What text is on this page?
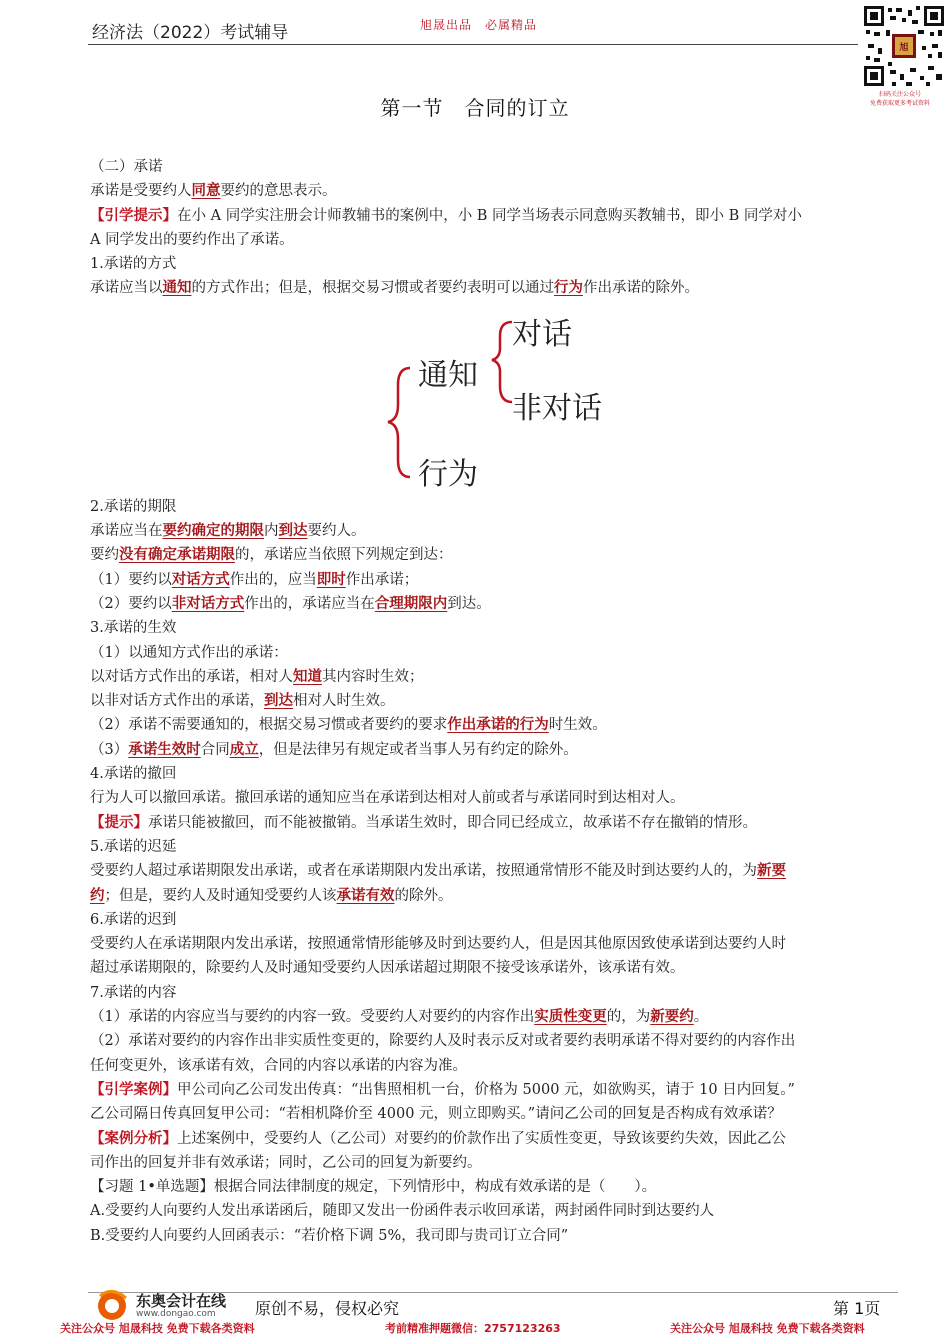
经济法（2022）考试辅导	旭晟出品　必属精品
旭
扫码关注公众号
免费获取更多考试资料
第一节　合同的订立

（二）承诺

承诺是受要约人同意要约的意思表示。

【引学提示】在小 A 同学实注册会计师教辅书的案例中，小 B 同学当场表示同意购买教辅书，即小 B 同学对小

A 同学发出的要约作出了承诺。

1.承诺的方式

承诺应当以通知的方式作出；但是，根据交易习惯或者要约表明可以通过行为作出承诺的除外。

2.承诺的期限

承诺应当在要约确定的期限内到达要约人。

要约没有确定承诺期限的，承诺应当依照下列规定到达：

（1）要约以对话方式作出的，应当即时作出承诺；

（2）要约以非对话方式作出的，承诺应当在合理期限内到达。

3.承诺的生效

（1）以通知方式作出的承诺：

以对话方式作出的承诺，相对人知道其内容时生效；

以非对话方式作出的承诺，到达相对人时生效。

（2）承诺不需要通知的，根据交易习惯或者要约的要求作出承诺的行为时生效。

（3）承诺生效时合同成立，但是法律另有规定或者当事人另有约定的除外。

4.承诺的撤回

行为人可以撤回承诺。撤回承诺的通知应当在承诺到达相对人前或者与承诺同时到达相对人。

【提示】承诺只能被撤回，而不能被撤销。当承诺生效时，即合同已经成立，故承诺不存在撤销的情形。

5.承诺的迟延

受要约人超过承诺期限发出承诺，或者在承诺期限内发出承诺，按照通常情形不能及时到达要约人的，为新要

约；但是，要约人及时通知受要约人该承诺有效的除外。

6.承诺的迟到

受要约人在承诺期限内发出承诺，按照通常情形能够及时到达要约人，但是因其他原因致使承诺到达要约人时

超过承诺期限的，除要约人及时通知受要约人因承诺超过期限不接受该承诺外，该承诺有效。

7.承诺的内容

（1）承诺的内容应当与要约的内容一致。受要约人对要约的内容作出实质性变更的，为新要约。

（2）承诺对要约的内容作出非实质性变更的，除要约人及时表示反对或者要约表明承诺不得对要约的内容作出

任何变更外，该承诺有效，合同的内容以承诺的内容为准。

【引学案例】甲公司向乙公司发出传真：“出售照相机一台，价格为 5000 元，如欲购买，请于 10 日内回复。”

乙公司隔日传真回复甲公司：“若相机降价至 4000 元，则立即购买。”请问乙公司的回复是否构成有效承诺？

【案例分析】上述案例中，受要约人（乙公司）对要约的价款作出了实质性变更，导致该要约失效，因此乙公

司作出的回复并非有效承诺；同时，乙公司的回复为新要约。

【习题 1•单选题】根据合同法律制度的规定，下列情形中，构成有效承诺的是（　　）。

A.受要约人向要约人发出承诺函后，随即又发出一份函件表示收回承诺，两封函件同时到达要约人

B.受要约人向要约人回函表示：“若价格下调 5%，我司即与贵司订立合同”

通知
对话
非对话
行为
东奥会计在线
www.dongao.com 原创不易，侵权必究	第 1页
关注公众号 旭晟科技 免费下载各类资料	考前精准押题微信：2757123263	关注公众号 旭晟科技 免费下载各类资料
